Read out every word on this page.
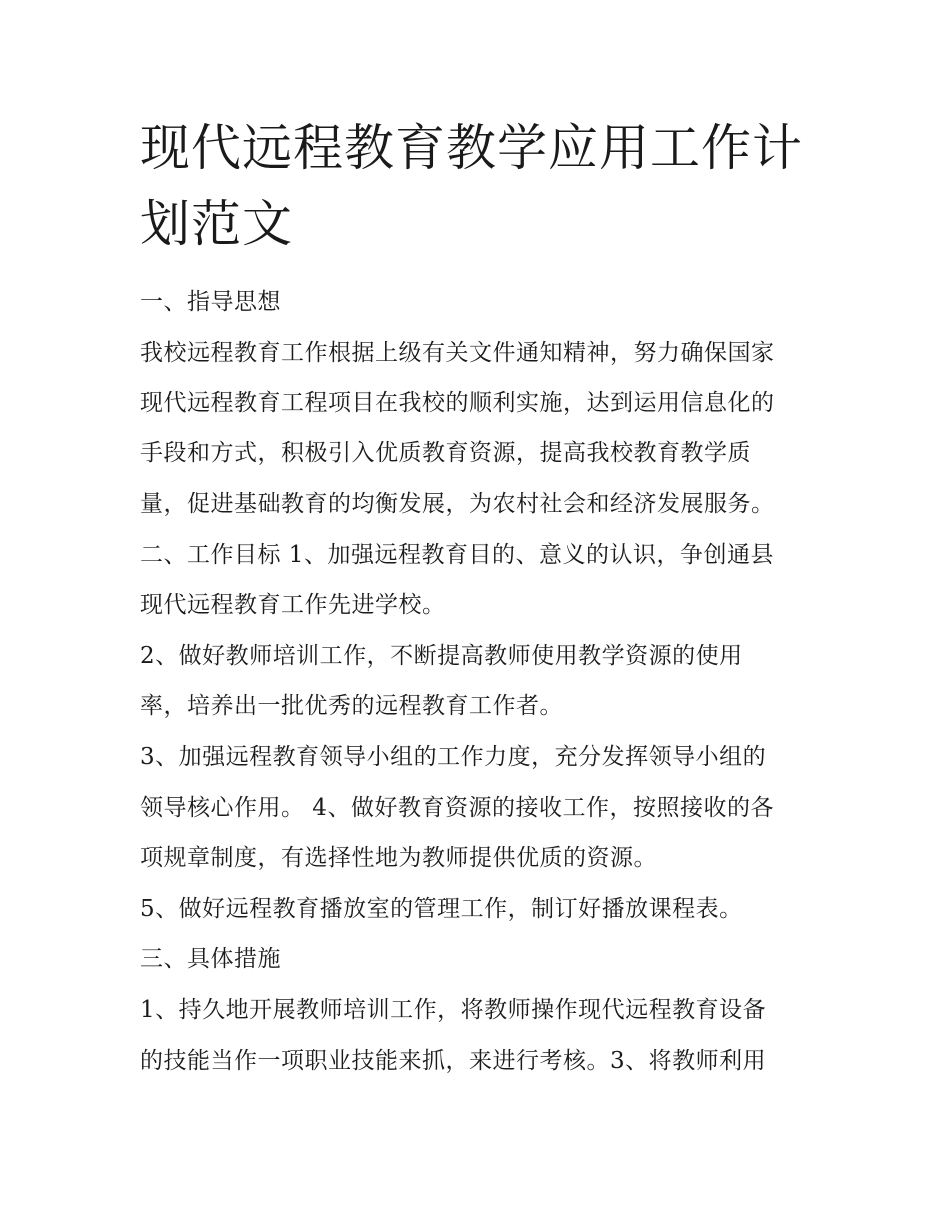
现代远程教育教学应用工作计划范文

一、指导思想

我校远程教育工作根据上级有关文件通知精神，努力确保国家

现代远程教育工程项目在我校的顺利实施，达到运用信息化的

手段和方式，积极引入优质教育资源，提高我校教育教学质

量，促进基础教育的均衡发展，为农村社会和经济发展服务。

二、工作目标 1、加强远程教育目的、意义的认识，争创通县

现代远程教育工作先进学校。

2、做好教师培训工作，不断提高教师使用教学资源的使用

率，培养出一批优秀的远程教育工作者。

3、加强远程教育领导小组的工作力度，充分发挥领导小组的

领导核心作用。 4、做好教育资源的接收工作，按照接收的各

项规章制度，有选择性地为教师提供优质的资源。

5、做好远程教育播放室的管理工作，制订好播放课程表。

三、具体措施

1、持久地开展教师培训工作，将教师操作现代远程教育设备

的技能当作一项职业技能来抓，来进行考核。3、将教师利用
